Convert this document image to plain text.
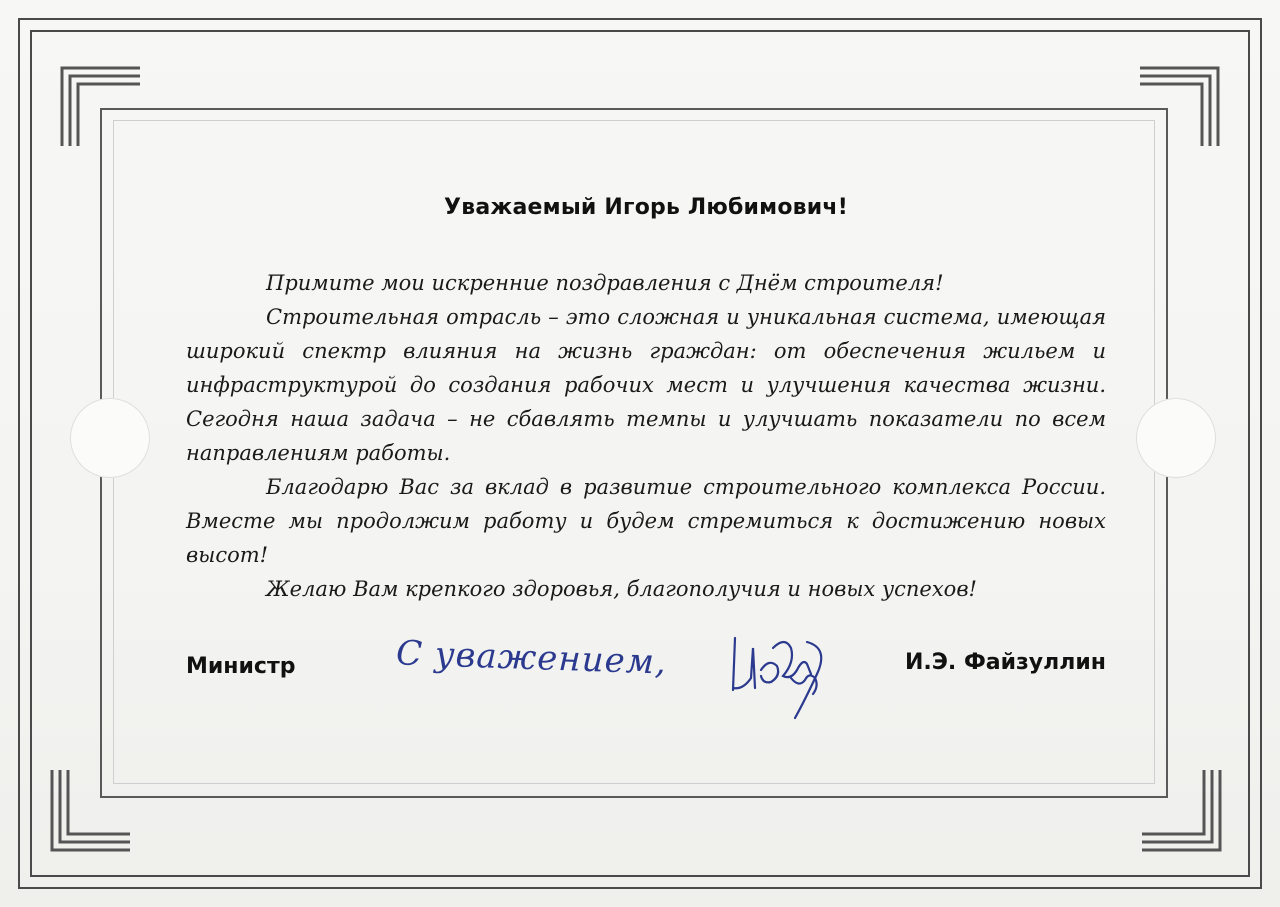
Уважаемый Игорь Любимович!

Примите мои искренние поздравления с Днём строителя!

Строительная отрасль – это сложная и уникальная система, имеющая широкий спектр влияния на жизнь граждан: от обеспечения жильем и инфраструктурой до создания рабочих мест и улучшения качества жизни. Сегодня наша задача – не сбавлять темпы и улучшать показатели по всем направлениям работы.

Благодарю Вас за вклад в развитие строительного комплекса России. Вместе мы продолжим работу и будем стремиться к достижению новых высот!

Желаю Вам крепкого здоровья, благополучия и новых успехов!

Министр	С уважением,	И.Э. Файзуллин
